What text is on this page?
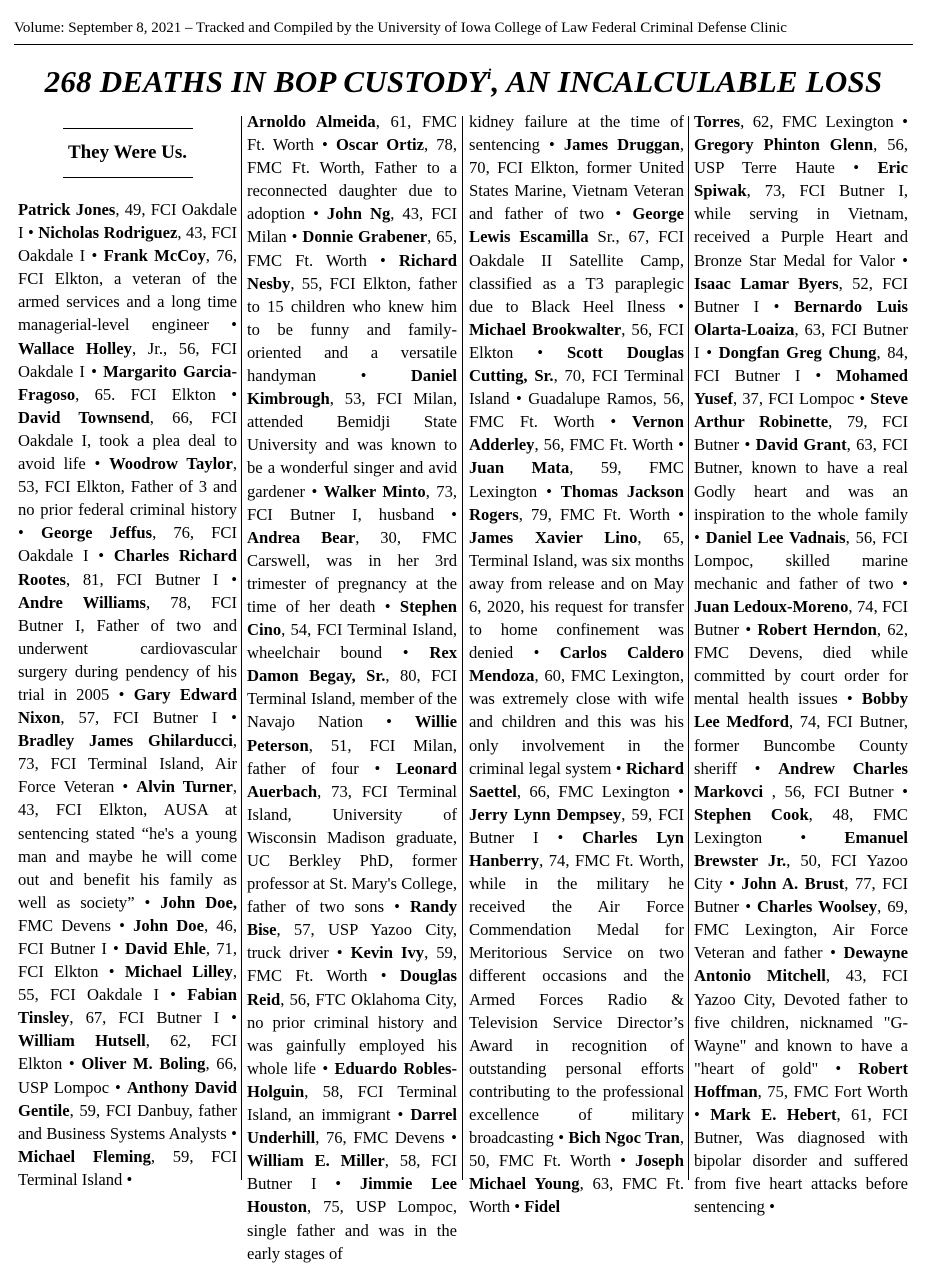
Volume: September 8, 2021 – Tracked and Compiled by the University of Iowa College of Law Federal Criminal Defense Clinic
268 DEATHS IN BOP CUSTODY$^i$, AN INCALCULABLE LOSS
They Were Us.

Patrick Jones, 49, FCI Oakdale I • Nicholas Rodriguez, 43, FCI Oakdale I • Frank McCoy, 76, FCI Elkton, a veteran of the armed services and a long time managerial-level engineer • Wallace Holley, Jr., 56, FCI Oakdale I • Margarito Garcia-Fragoso, 65. FCI Elkton • David Townsend, 66, FCI Oakdale I, took a plea deal to avoid life • Woodrow Taylor, 53, FCI Elkton, Father of 3 and no prior federal criminal history • George Jeffus, 76, FCI Oakdale I • Charles Richard Rootes, 81, FCI Butner I • Andre Williams, 78, FCI Butner I, Father of two and underwent cardiovascular surgery during pendency of his trial in 2005 • Gary Edward Nixon, 57, FCI Butner I • Bradley James Ghilarducci, 73, FCI Terminal Island, Air Force Veteran • Alvin Turner, 43, FCI Elkton, AUSA at sentencing stated “he's a young man and maybe he will come out and benefit his family as well as society” • John Doe, FMC Devens • John Doe, 46, FCI Butner I • David Ehle, 71, FCI Elkton • Michael Lilley, 55, FCI Oakdale I • Fabian Tinsley, 67, FCI Butner I • William Hutsell, 62, FCI Elkton • Oliver M. Boling, 66, USP Lompoc • Anthony David Gentile, 59, FCI Danbuy, father and Business Systems Analysts • Michael Fleming, 59, FCI Terminal Island •

Arnoldo Almeida, 61, FMC Ft. Worth • Oscar Ortiz, 78, FMC Ft. Worth, Father to a reconnected daughter due to adoption • John Ng, 43, FCI Milan • Donnie Grabener, 65, FMC Ft. Worth • Richard Nesby, 55, FCI Elkton, father to 15 children who knew him to be funny and family-oriented and a versatile handyman • Daniel Kimbrough, 53, FCI Milan, attended Bemidji State University and was known to be a wonderful singer and avid gardener • Walker Minto, 73, FCI Butner I, husband • Andrea Bear, 30, FMC Carswell, was in her 3rd trimester of pregnancy at the time of her death • Stephen Cino, 54, FCI Terminal Island, wheelchair bound • Rex Damon Begay, Sr., 80, FCI Terminal Island, member of the Navajo Nation • Willie Peterson, 51, FCI Milan, father of four • Leonard Auerbach, 73, FCI Terminal Island, University of Wisconsin Madison graduate, UC Berkley PhD, former professor at St. Mary's College, father of two sons • Randy Bise, 57, USP Yazoo City, truck driver • Kevin Ivy, 59, FMC Ft. Worth • Douglas Reid, 56, FTC Oklahoma City, no prior criminal history and was gainfully employed his whole life • Eduardo Robles-Holguin, 58, FCI Terminal Island, an immigrant • Darrel Underhill, 76, FMC Devens • William E. Miller, 58, FCI Butner I • Jimmie Lee Houston, 75, USP Lompoc, single father and was in the early stages of

kidney failure at the time of sentencing • James Druggan, 70, FCI Elkton, former United States Marine, Vietnam Veteran and father of two • George Lewis Escamilla Sr., 67, FCI Oakdale II Satellite Camp, classified as a T3 paraplegic due to Black Heel Ilness • Michael Brookwalter, 56, FCI Elkton • Scott Douglas Cutting, Sr., 70, FCI Terminal Island • Guadalupe Ramos, 56, FMC Ft. Worth • Vernon Adderley, 56, FMC Ft. Worth • Juan Mata, 59, FMC Lexington • Thomas Jackson Rogers, 79, FMC Ft. Worth • James Xavier Lino, 65, Terminal Island, was six months away from release and on May 6, 2020, his request for transfer to home confinement was denied • Carlos Caldero Mendoza, 60, FMC Lexington, was extremely close with wife and children and this was his only involvement in the criminal legal system • Richard Saettel, 66, FMC Lexington • Jerry Lynn Dempsey, 59, FCI Butner I • Charles Lyn Hanberry, 74, FMC Ft. Worth, while in the military he received the Air Force Commendation Medal for Meritorious Service on two different occasions and the Armed Forces Radio & Television Service Director’s Award in recognition of outstanding personal efforts contributing to the professional excellence of military broadcasting • Bich Ngoc Tran, 50, FMC Ft. Worth • Joseph Michael Young, 63, FMC Ft. Worth • Fidel

Torres, 62, FMC Lexington • Gregory Phinton Glenn, 56, USP Terre Haute • Eric Spiwak, 73, FCI Butner I, while serving in Vietnam, received a Purple Heart and Bronze Star Medal for Valor • Isaac Lamar Byers, 52, FCI Butner I • Bernardo Luis Olarta-Loaiza, 63, FCI Butner I • Dongfan Greg Chung, 84, FCI Butner I • Mohamed Yusef, 37, FCI Lompoc • Steve Arthur Robinette, 79, FCI Butner • David Grant, 63, FCI Butner, known to have a real Godly heart and was an inspiration to the whole family • Daniel Lee Vadnais, 56, FCI Lompoc, skilled marine mechanic and father of two • Juan Ledoux-Moreno, 74, FCI Butner • Robert Herndon, 62, FMC Devens, died while committed by court order for mental health issues • Bobby Lee Medford, 74, FCI Butner, former Buncombe County sheriff • Andrew Charles Markovci , 56, FCI Butner • Stephen Cook, 48, FMC Lexington • Emanuel Brewster Jr., 50, FCI Yazoo City • John A. Brust, 77, FCI Butner • Charles Woolsey, 69, FMC Lexington, Air Force Veteran and father • Dewayne Antonio Mitchell, 43, FCI Yazoo City, Devoted father to five children, nicknamed "G-Wayne" and known to have a "heart of gold" • Robert Hoffman, 75, FMC Fort Worth • Mark E. Hebert, 61, FCI Butner, Was diagnosed with bipolar disorder and suffered from five heart attacks before sentencing •
